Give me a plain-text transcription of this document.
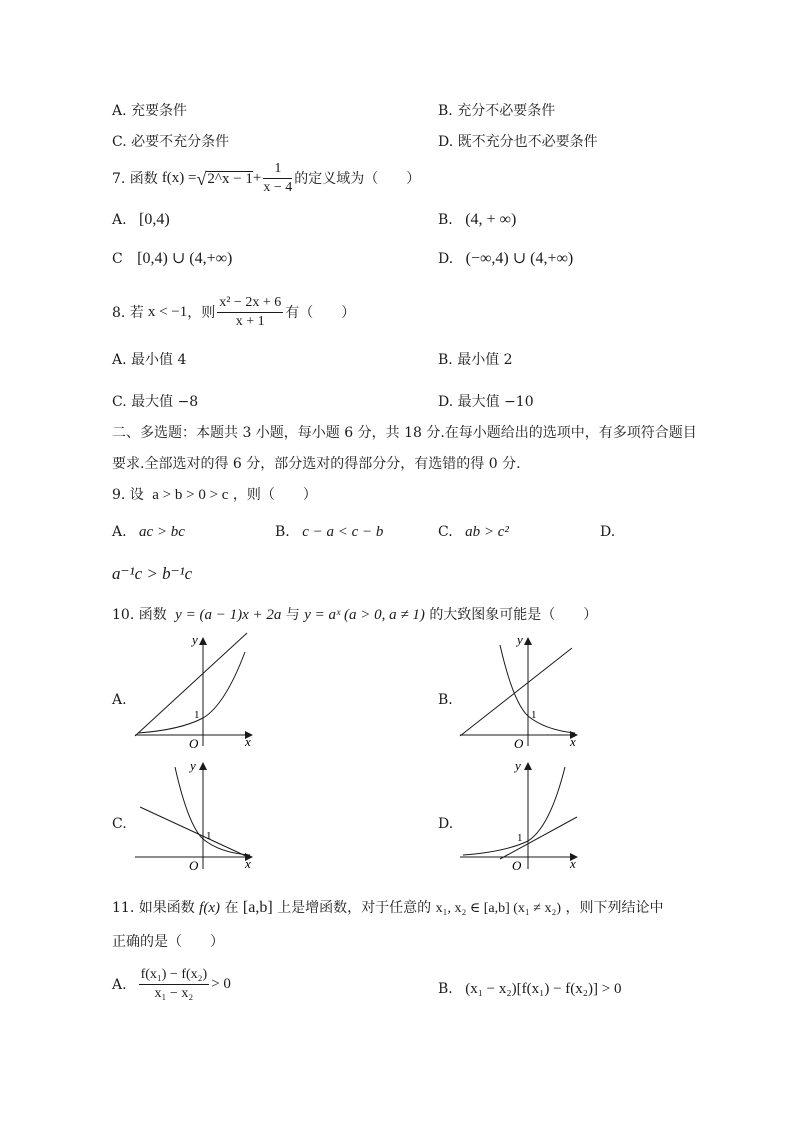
A. 充要条件	B. 充分不必要条件
C. 必要不充分条件	D. 既不充分也不必要条件
7. 函数 f(x) = √ 2^x − $1 + \frac{1}{x - 4}$ 的定义域为（　　）
A. [0,4)	B. (4, + ∞)
C [0,4) ∪ (4,+∞)	D. (−∞,4) ∪ (4,+∞)
8. 若 x < −1 ，则 $\frac{\text{x² − 2x + 6}}{x + 1}$ 有（　　）
A. 最小值 4	B. 最小值 2
C. 最大值 −8	D. 最大值 −10
二、多选题：本题共 3 小题，每小题 6 分，共 18 分.在每小题给出的选项中，有多项符合题目
要求.全部选对的得 6 分，部分选对的得部分分，有选错的得 0 分.
9. 设 a > b > 0 > c ，则（　　）
A. ac > bc	B. c − a < c − b	C. ab > c²	D.
a⁻¹c > b⁻¹c
10. 函数 y = (a − 1)x + 2a 与 y = aˣ (a > 0, a ≠ 1) 的大致图象可能是（　　）
A.	B.
C.	D.
y
x
O
1
y
x
O
1
y
x
O
1
y
x
O
1
11. 如果函数 f(x) 在 [a,b] 上是增函数，对于任意的 x₁, x₂ ∈ [a,b] (x₁ ≠ x₂) ，则下列结论中
正确的是（　　）
A. $\frac{\text{f(x₁) − f(x₂)}}{\text{x₁ − x₂}} > 0$	B. (x₁ − x₂)[f(x₁) − f(x₂)] > 0
